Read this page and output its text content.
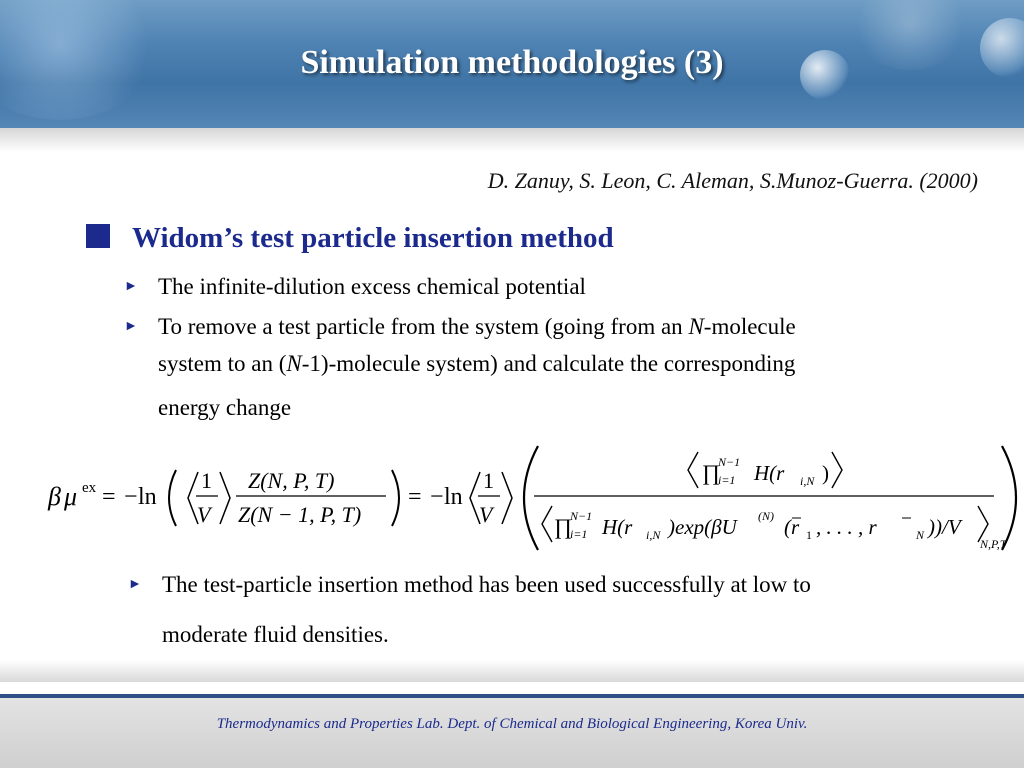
Simulation methodologies (3)
D. Zanuy, S. Leon, C. Aleman, S.Munoz-Guerra. (2000)
Widom’s test particle insertion method
► The infinite-dilution excess chemical potential
► To remove a test particle from the system (going from an N-molecule
system to an (N-1)-molecule system) and calculate the corresponding
energy change
β μ ex = − ln
1
V
Z(N, P, T)
Z(N − 1, P, T)
= − ln
1
V
∏
N−1
i=1 H(r i,N )
∏
N−1
i=1 H(r i,N )exp(βU (N) (r 1 , . . . , r	N ))/V
N,P,T
► The test-particle insertion method has been used successfully at low to
moderate fluid densities.
Thermodynamics and Properties Lab. Dept. of Chemical and Biological Engineering, Korea Univ.
